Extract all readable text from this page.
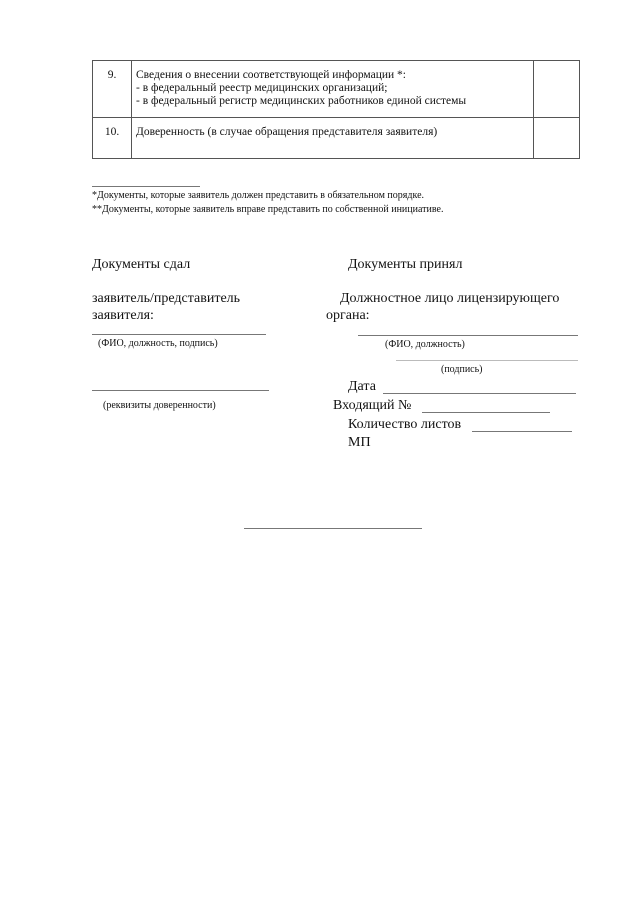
9.	Сведения о внесении соответствующей информации *:
- в федеральный реестр медицинских организаций;
- в федеральный регистр медицинских работников единой системы	

10.	Доверенность (в случае обращения представителя заявителя)	

*Документы, которые заявитель должен представить в обязательном порядке.
**Документы, которые заявитель вправе представить по собственной инициативе.
Документы сдал
заявитель/представитель
заявителя:
(ФИО, должность, подпись)
(реквизиты доверенности)
Документы принял
Должностное лицо лицензирующего
органа:
(ФИО, должность)
(подпись)
Дата
Входящий №
Количество листов
МП
